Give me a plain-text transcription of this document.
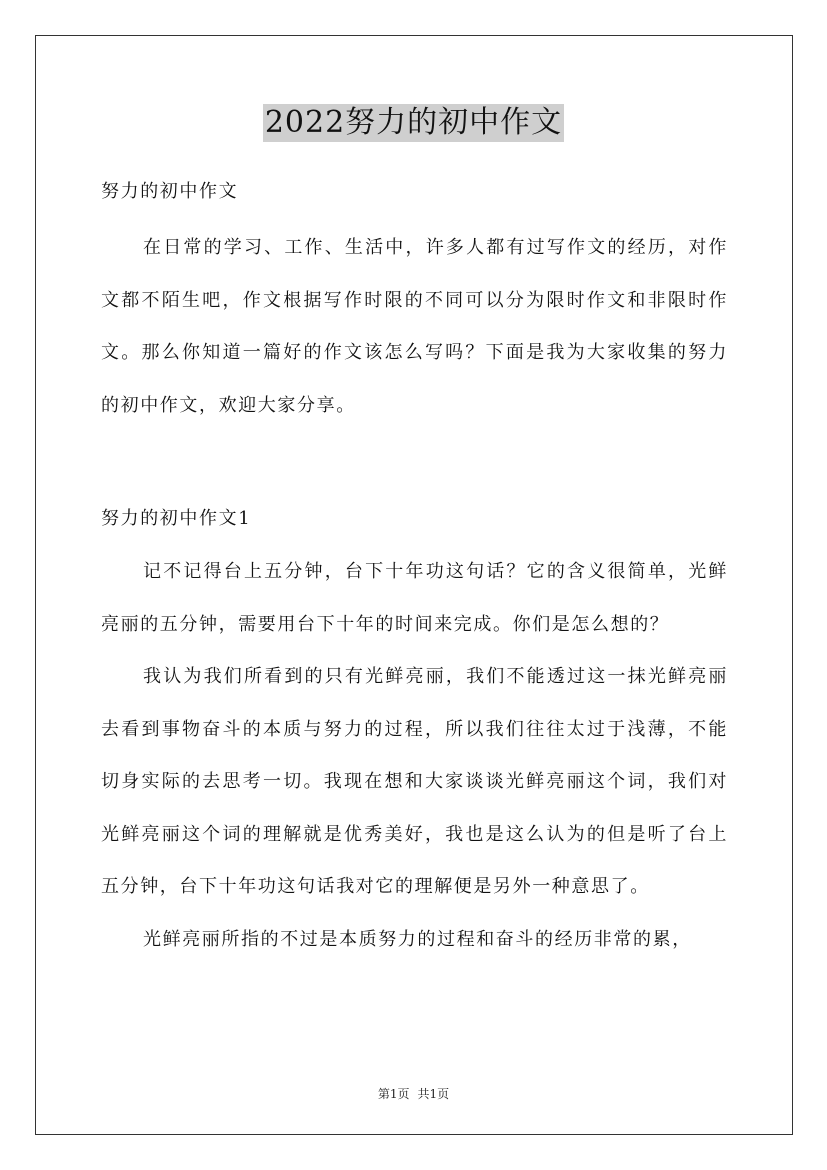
2022努力的初中作文
努力的初中作文

在日常的学习、工作、生活中，许多人都有过写作文的经历，对作文都不陌生吧，作文根据写作时限的不同可以分为限时作文和非限时作文。那么你知道一篇好的作文该怎么写吗？下面是我为大家收集的努力的初中作文，欢迎大家分享。

努力的初中作文1

记不记得台上五分钟，台下十年功这句话？它的含义很简单，光鲜亮丽的五分钟，需要用台下十年的时间来完成。你们是怎么想的？

我认为我们所看到的只有光鲜亮丽，我们不能透过这一抹光鲜亮丽去看到事物奋斗的本质与努力的过程，所以我们往往太过于浅薄，不能切身实际的去思考一切。我现在想和大家谈谈光鲜亮丽这个词，我们对光鲜亮丽这个词的理解就是优秀美好，我也是这么认为的但是听了台上五分钟，台下十年功这句话我对它的理解便是另外一种意思了。

光鲜亮丽所指的不过是本质努力的过程和奋斗的经历非常的累，

第1页 共1页
